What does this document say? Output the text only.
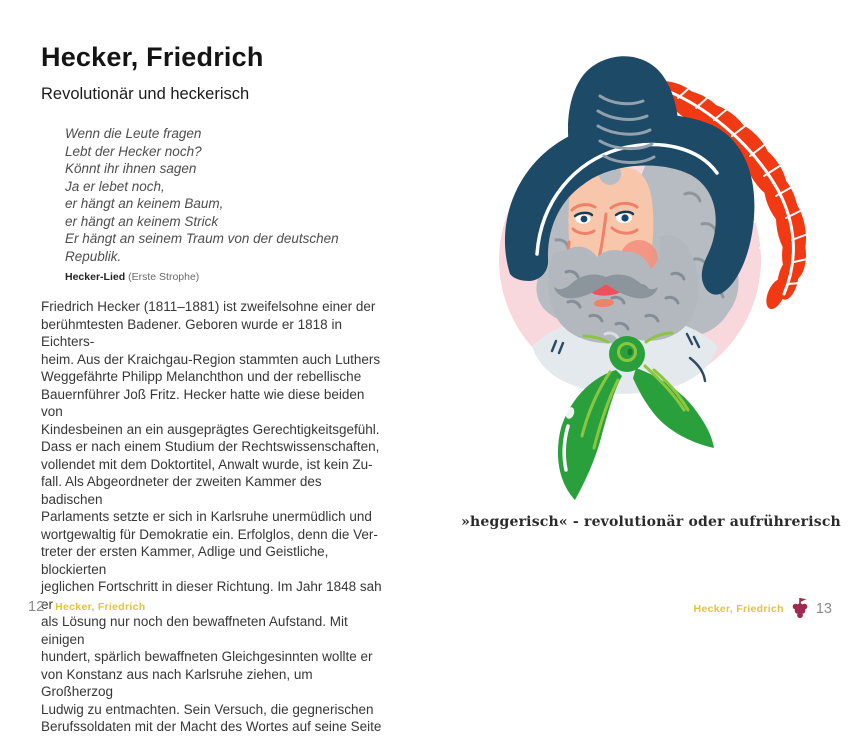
Hecker, Friedrich
Revolutionär und heckerisch
Wenn die Leute fragen
Lebt der Hecker noch?
Könnt ihr ihnen sagen
Ja er lebet noch,
er hängt an keinem Baum,
er hängt an keinem Strick
Er hängt an seinem Traum von der deutschen Republik.

Hecker-Lied (Erste Strophe)

Friedrich Hecker (1811–1881) ist zweifelsohne einer der
berühmtesten Badener. Geboren wurde er 1818 in Eichters-
heim. Aus der Kraichgau-Region stammten auch Luthers
Weggefährte Philipp Melanchthon und der rebellische
Bauernführer Joß Fritz. Hecker hatte wie diese beiden von
Kindesbeinen an ein ausgeprägtes Gerechtigkeitsgefühl.
Dass er nach einem Studium der Rechtswissenschaften,
vollendet mit dem Doktortitel, Anwalt wurde, ist kein Zu-
fall. Als Abgeordneter der zweiten Kammer des badischen
Parlaments setzte er sich in Karlsruhe unermüdlich und
wortgewaltig für Demokratie ein. Erfolglos, denn die Ver-
treter der ersten Kammer, Adlige und Geistliche, blockierten
jeglichen Fortschritt in dieser Richtung. Im Jahr 1848 sah er
als Lösung nur noch den bewaffneten Aufstand. Mit einigen
hundert, spärlich bewaffneten Gleichgesinnten wollte er
von Konstanz aus nach Karlsruhe ziehen, um Großherzog
Ludwig zu entmachten. Sein Versuch, die gegnerischen
Berufssoldaten mit der Macht des Wortes auf seine Seite
»heggerisch« - revolutionär oder aufrührerisch
12 Hecker, Friedrich	Hecker, Friedrich 13
